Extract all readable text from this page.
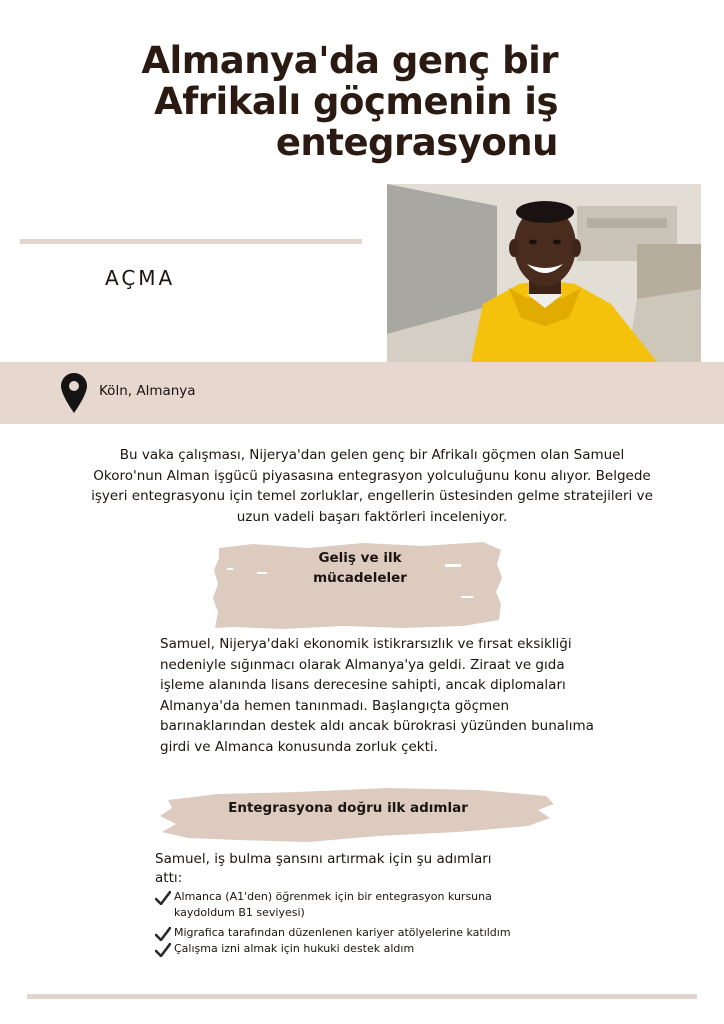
Almanya'da genç bir
Afrikalı göçmenin iş
entegrasyonu
AÇMA
Köln, Almanya

Bu vaka çalışması, Nijerya'dan gelen genç bir Afrikalı göçmen olan Samuel Okoro'nun Alman işgücü piyasasına entegrasyon yolculuğunu konu alıyor. Belgede işyeri entegrasyonu için temel zorluklar, engellerin üstesinden gelme stratejileri ve uzun vadeli başarı faktörleri inceleniyor.

Geliş ve ilk mücadeleler

Samuel, Nijerya'daki ekonomik istikrarsızlık ve fırsat eksikliği nedeniyle sığınmacı olarak Almanya'ya geldi. Ziraat ve gıda işleme alanında lisans derecesine sahipti, ancak diplomaları Almanya'da hemen tanınmadı. Başlangıçta göçmen barınaklarından destek aldı ancak bürokrasi yüzünden bunalıma girdi ve Almanca konusunda zorluk çekti.

Entegrasyona doğru ilk adımlar

Samuel, iş bulma şansını artırmak için şu adımları attı:

Almanca (A1'den) öğrenmek için bir entegrasyon kursuna kaydoldum B1 seviyesi)
Migrafica tarafından düzenlenen kariyer atölyelerine katıldım
Çalışma izni almak için hukuki destek aldım
